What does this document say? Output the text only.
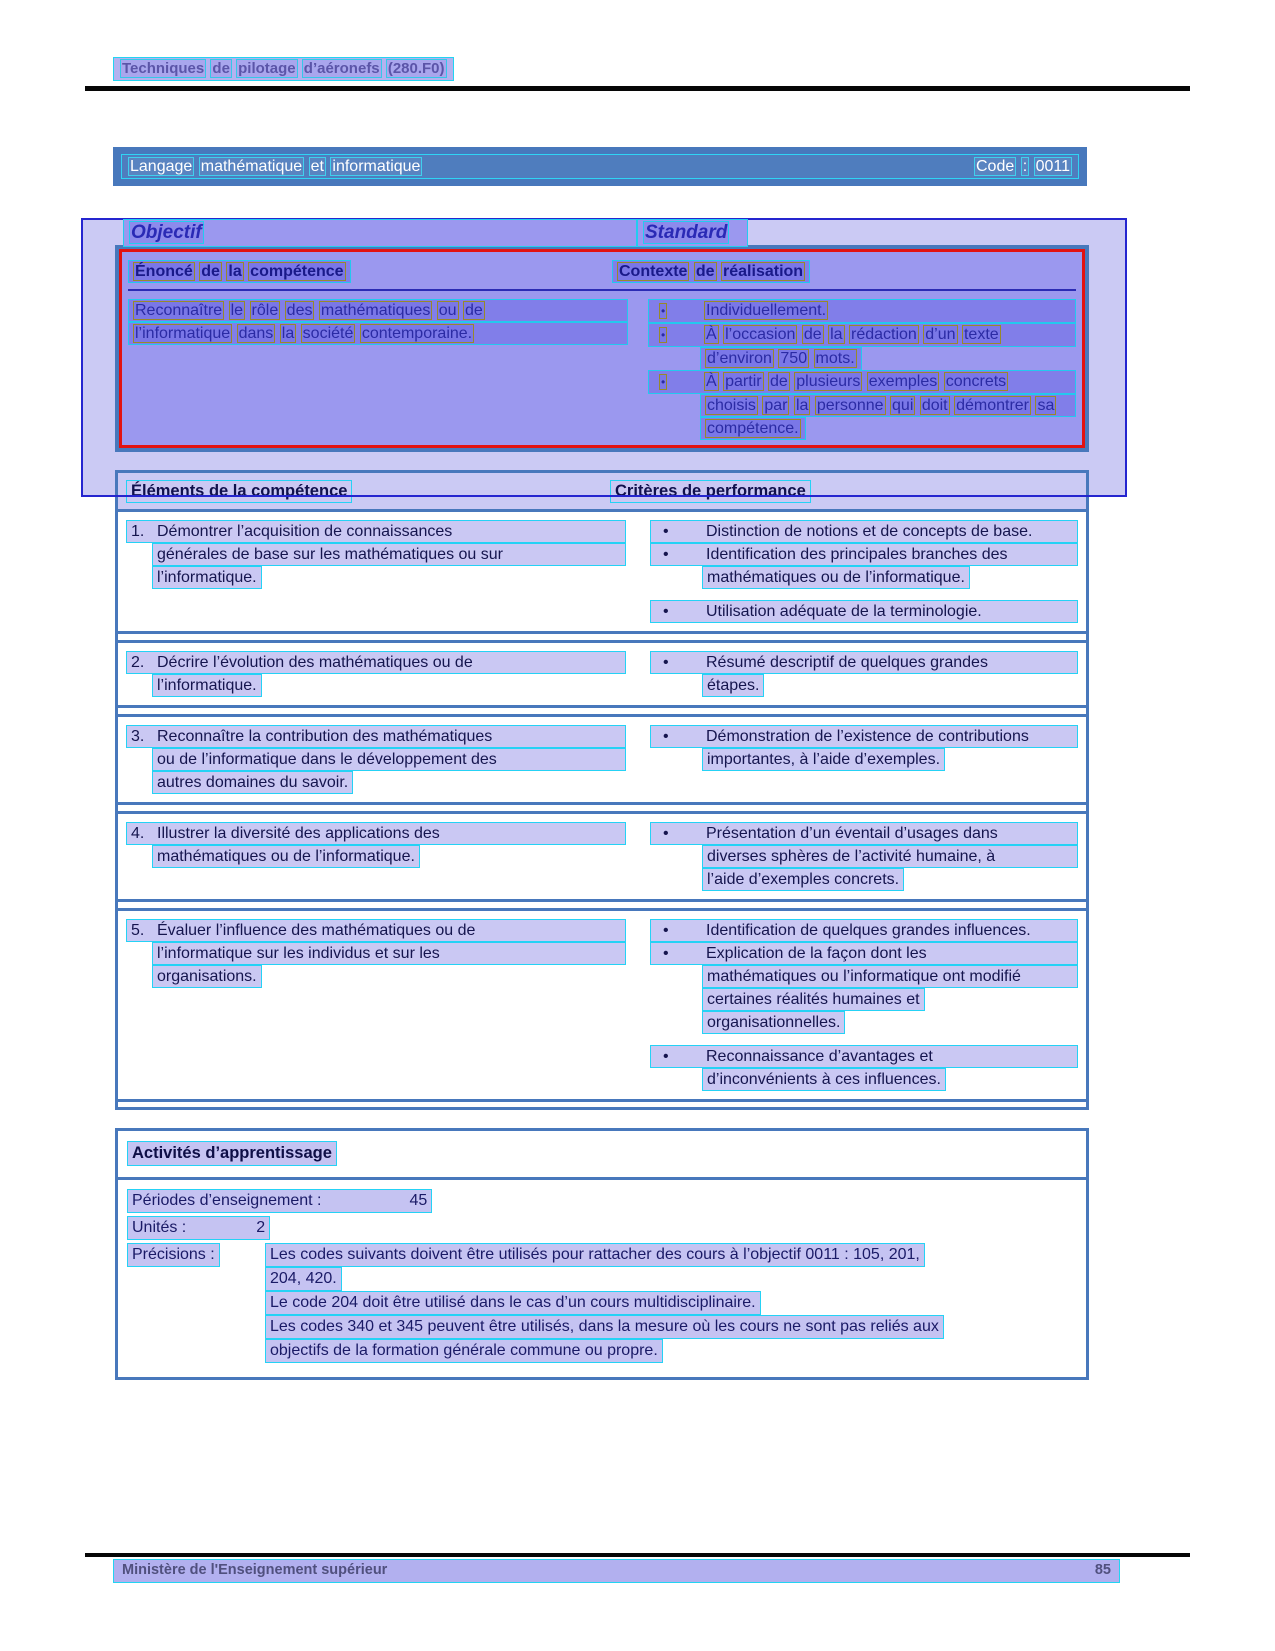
Techniques de pilotage d’aéronefs (280.F0)
Langage mathématique et informatique	Code : 0011
Objectif	Standard
Énoncé de la compétence	Contexte de réalisation
Reconnaître le rôle des mathématiques ou de
l’informatique dans la société contemporaine.
•	Individuellement.
•	À l’occasion de la rédaction d’un texte
d’environ 750 mots.
•	À partir de plusieurs exemples concrets
choisis par la personne qui doit démontrer sa
compétence.
Éléments de la compétence	Critères de performance
1. Démontrer l’acquisition de connaissances
générales de base sur les mathématiques ou sur
l’informatique.
• Distinction de notions et de concepts de base.
• Identification des principales branches des
mathématiques ou de l’informatique.
• Utilisation adéquate de la terminologie.
2. Décrire l’évolution des mathématiques ou de
l’informatique.
• Résumé descriptif de quelques grandes
étapes.
3. Reconnaître la contribution des mathématiques
ou de l’informatique dans le développement des
autres domaines du savoir.
• Démonstration de l’existence de contributions
importantes, à l’aide d’exemples.
4. Illustrer la diversité des applications des
mathématiques ou de l’informatique.
• Présentation d’un éventail d’usages dans
diverses sphères de l’activité humaine, à
l’aide d’exemples concrets.
5. Évaluer l’influence des mathématiques ou de
l’informatique sur les individus et sur les
organisations.
• Identification de quelques grandes influences.
• Explication de la façon dont les
mathématiques ou l’informatique ont modifié
certaines réalités humaines et
organisationnelles.
• Reconnaissance d’avantages et
d’inconvénients à ces influences.
Activités d’apprentissage
Périodes d’enseignement :	45
Unités :	2
Précisions :	Les codes suivants doivent être utilisés pour rattacher des cours à l’objectif 0011 : 105, 201,
204, 420.
Le code 204 doit être utilisé dans le cas d’un cours multidisciplinaire.
Les codes 340 et 345 peuvent être utilisés, dans la mesure où les cours ne sont pas reliés aux
objectifs de la formation générale commune ou propre.
Ministère de l'Enseignement supérieur	85
